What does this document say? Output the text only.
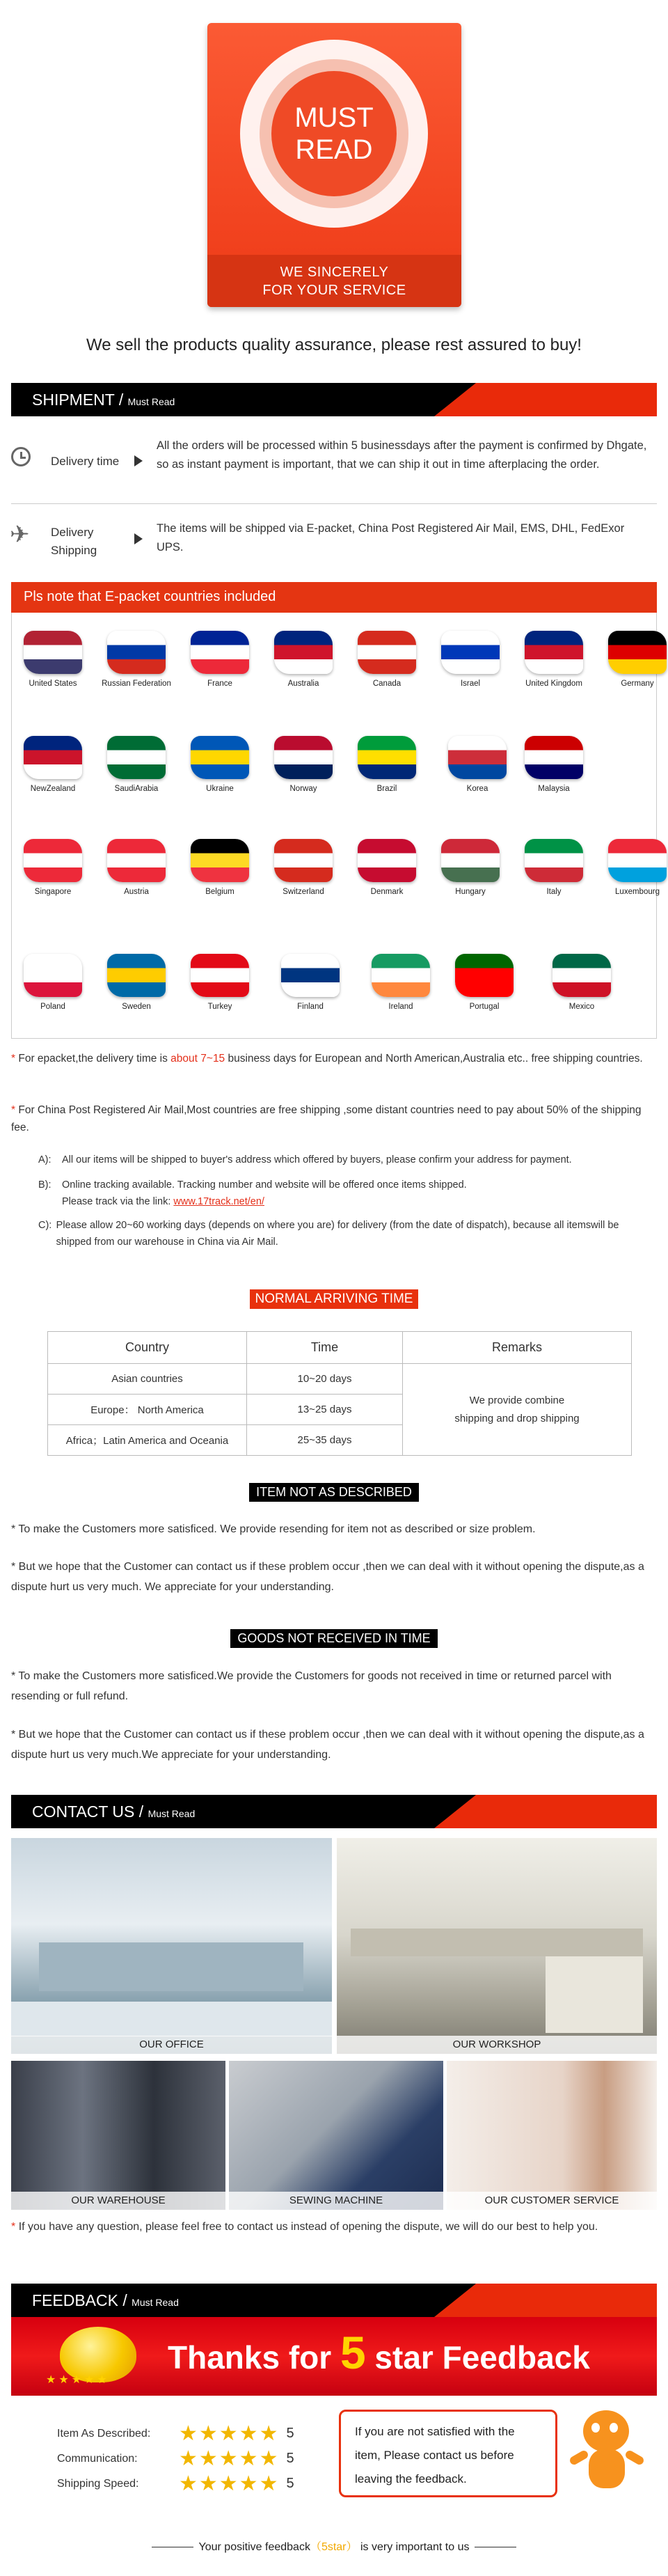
MUST
READ
WE SINCERELY
FOR YOUR SERVICE
We sell the products quality assurance, please rest assured to buy!
SHIPMENT / Must Read
Delivery time
All the orders will be processed within 5 businessdays after the payment is confirmed by Dhgate, so as instant payment is important, that we can ship it out in time afterplacing the order.
✈ Delivery
Shipping
The items will be shipped via E-packet, China Post Registered Air Mail, EMS, DHL, FedExor UPS.
Pls note that E-packet countries included
United States	Russian Federation	France	Australia	Canada	Israel	United Kingdom	Germany
NewZealand	SaudiArabia	Ukraine	Norway	Brazil	Korea	Malaysia
Singapore	Austria	Belgium	Switzerland	Denmark	Hungary	Italy	Luxembourg
Poland	Sweden	Turkey	Finland	Ireland	Portugal	Mexico
* For epacket,the delivery time is about 7~15 business days for European and North American,Australia etc.. free shipping countries.
* For China Post Registered Air Mail,Most countries are free shipping ,some distant countries need to pay about 50% of the shipping fee.
A):	All our items will be shipped to buyer's address which offered by buyers, please confirm your address for payment.
B):	Online tracking available. Tracking number and website will be offered once items shipped.
Please track via the link: www.17track.net/en/
C): Please allow 20~60 working days (depends on where you are) for delivery (from the date of dispatch), because all itemswill be shipped from our warehouse in China via Air Mail.
NORMAL ARRIVING TIME
Country	Time	Remarks
Asian countries	10~20 days	We provide combine
shipping and drop shipping
Europe： North America	13~25 days	
Africa；Latin America and Oceania	25~35 days	
ITEM NOT AS DESCRIBED
* To make the Customers more satisficed. We provide resending for item not as described or size problem.
* But we hope that the Customer can contact us if these problem occur ,then we can deal with it without opening the dispute,as a dispute hurt us very much. We appreciate for your understanding.
GOODS NOT RECEIVED IN TIME
* To make the Customers more satisficed.We provide the Customers for goods not received in time or returned parcel with resending or full refund.
* But we hope that the Customer can contact us if these problem occur ,then we can deal with it without opening the dispute,as a dispute hurt us very much.We appreciate for your understanding.
CONTACT US / Must Read
OUR OFFICE	OUR WORKSHOP
OUR WAREHOUSE	SEWING MACHINE	OUR CUSTOMER SERVICE
* If you have any question, please feel free to contact us instead of opening the dispute, we will do our best to help you.
FEEDBACK / Must Read
★★★★★
Thanks for 5 star Feedback
Item As Described:	★★★★★ 5
Communication:	★★★★★ 5
Shipping Speed:	★★★★★ 5
If you are not satisfied with the
item, Please contact us before
leaving the feedback.
Your positive feedback（5star） is very important to us
